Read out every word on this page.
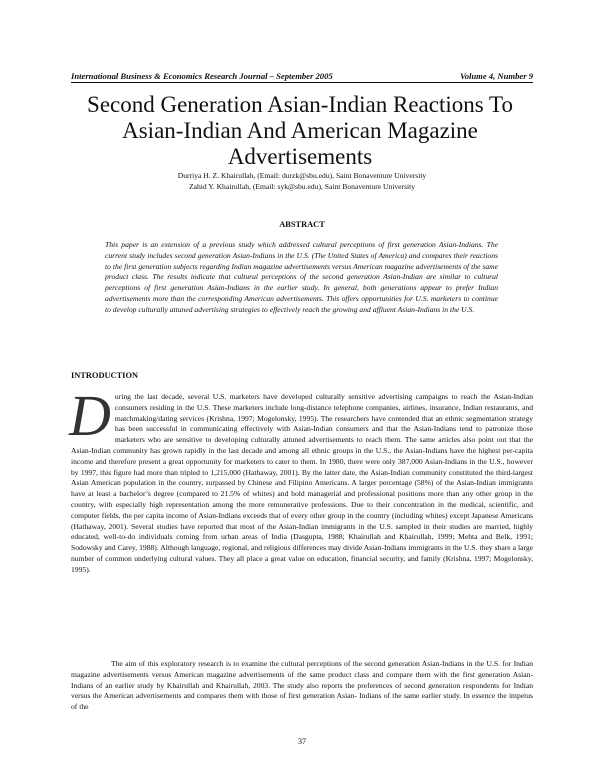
International Business & Economics Research Journal – September 2005	Volume 4, Number 9
Second Generation Asian-Indian Reactions To Asian-Indian And American Magazine Advertisements
Durriya H. Z. Khairullah, (Email: durzk@sbu.edu), Saint Bonaventure University
Zahid Y. Khairullah, (Email: syk@sbu.edu), Saint Bonaventure University
ABSTRACT

This paper is an extension of a previous study which addressed cultural perceptions of first generation Asian-Indians. The current study includes second generation Asian-Indians in the U.S. (The United States of America) and compares their reactions to the first generation subjects regarding Indian magazine advertisements versus American magazine advertisements of the same product class. The results indicate that cultural perceptions of the second generation Asian-Indian are similar to cultural perceptions of first generation Asian-Indians in the earlier study. In general, both generations appear to prefer Indian advertisements more than the corresponding American advertisements. This offers opportunities for U.S. marketers to continue to develop culturally attuned advertising strategies to effectively reach the growing and affluent Asian-Indians in the U.S.

INTRODUCTION

During the last decade, several U.S. marketers have developed culturally sensitive advertising campaigns to reach the Asian-Indian consumers residing in the U.S. These marketers include long-distance telephone companies, airlines, insurance, Indian restaurants, and matchmaking/dating services (Krishna, 1997; Mogelonsky, 1995). The researchers have contended that an ethnic segmentation strategy has been successful in communicating effectively with Asian-Indian consumers and that the Asian-Indians tend to patronize those marketers who are sensitive to developing culturally attuned advertisements to reach them. The same articles also point out that the Asian-Indian community has grown rapidly in the last decade and among all ethnic groups in the U.S., the Asian-Indians have the highest per-capita income and therefore present a great opportunity for marketers to cater to them. In 1980, there were only 387,000 Asian-Indians in the U.S., however by 1997, this figure had more than tripled to 1,215,000 (Hathaway, 2001). By the latter date, the Asian-Indian community constituted the third-largest Asian American population in the country, surpassed by Chinese and Filipino Americans. A larger percentage (58%) of the Asian-Indian immigrants have at least a bachelor’s degree (compared to 21.5% of whites) and hold managerial and professional positions more than any other group in the country, with especially high representation among the more remunerative professions. Due to their concentration in the medical, scientific, and computer fields, the per capita income of Asian-Indians exceeds that of every other group in the country (including whites) except Japanese Americans (Hathaway, 2001). Several studies have reported that most of the Asian-Indian immigrants in the U.S. sampled in their studies are married, highly educated, well-to-do individuals coming from urban areas of India (Dasgupta, 1988; Khairullah and Khairullah, 1999; Mehta and Belk, 1991; Sodowsky and Carey, 1988). Although language, regional, and religious differences may divide Asian-Indians immigrants in the U.S. they share a large number of common underlying cultural values. They all place a great value on education, financial security, and family (Krishna, 1997; Mogelonsky, 1995).

The aim of this exploratory research is to examine the cultural perceptions of the second generation Asian-Indians in the U.S. for Indian magazine advertisements versus American magazine advertisements of the same product class and compare them with the first generation Asian-Indians of an earlier study by Khairullah and Khairullah, 2003. The study also reports the preferences of second generation respondents for Indian versus the American advertisements and compares them with those of first generation Asian- Indians of the same earlier study. In essence the impetus of the

37
